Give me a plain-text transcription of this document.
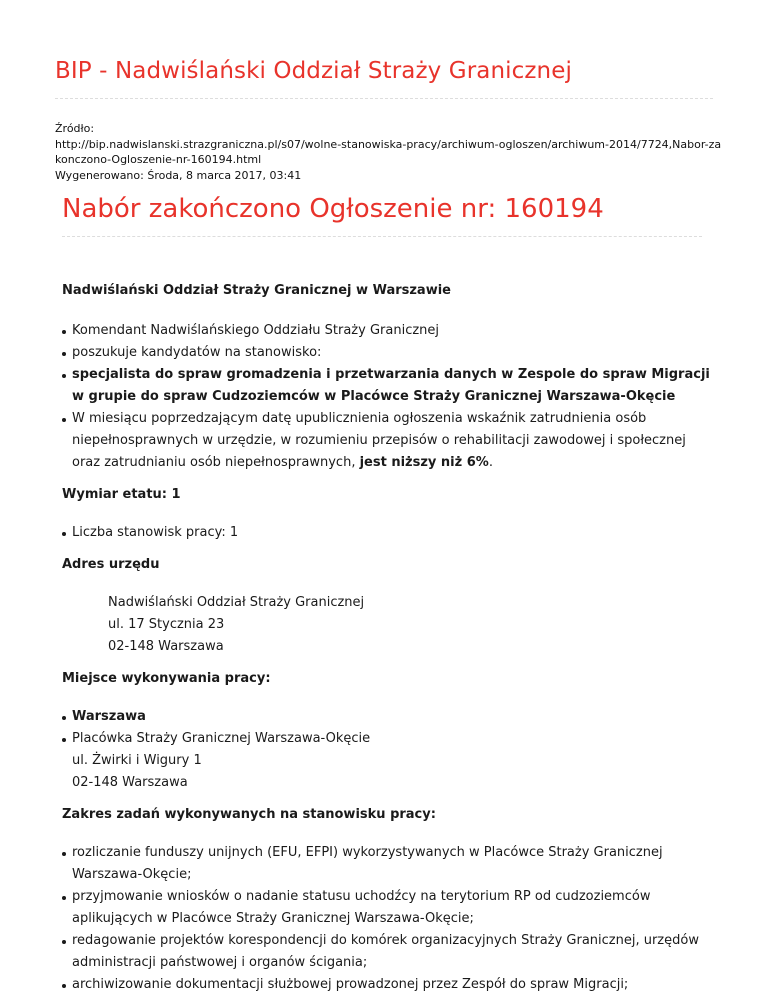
BIP - Nadwiślański Oddział Straży Granicznej
Źródło:
http://bip.nadwislanski.strazgraniczna.pl/s07/wolne-stanowiska-pracy/archiwum-ogloszen/archiwum-2014/7724,Nabor-zakonczono-Ogloszenie-nr-160194.html
Wygenerowano: Środa, 8 marca 2017, 03:41
Nabór zakończono Ogłoszenie nr: 160194

Nadwiślański Oddział Straży Granicznej w Warszawie

Komendant Nadwiślańskiego Oddziału Straży Granicznej
poszukuje kandydatów na stanowisko:
specjalista do spraw gromadzenia i przetwarzania danych w Zespole do spraw Migracji w grupie do spraw Cudzoziemców w Placówce Straży Granicznej Warszawa-Okęcie
W miesiącu poprzedzającym datę upublicznienia ogłoszenia wskaźnik zatrudnienia osób niepełnosprawnych w urzędzie, w rozumieniu przepisów o rehabilitacji zawodowej i społecznej oraz zatrudnianiu osób niepełnosprawnych, jest niższy niż 6%.

Wymiar etatu: 1

Liczba stanowisk pracy: 1

Adres urzędu

Nadwiślański Oddział Straży Granicznej
ul. 17 Stycznia 23
02-148 Warszawa

Miejsce wykonywania pracy:

Warszawa
Placówka Straży Granicznej Warszawa-Okęcie
ul. Żwirki i Wigury 1
02-148 Warszawa

Zakres zadań wykonywanych na stanowisku pracy:

rozliczanie funduszy unijnych (EFU, EFPI) wykorzystywanych w Placówce Straży Granicznej Warszawa-Okęcie;
przyjmowanie wniosków o nadanie statusu uchodźcy na terytorium RP od cudzoziemców aplikujących w Placówce Straży Granicznej Warszawa-Okęcie;
redagowanie projektów korespondencji do komórek organizacyjnych Straży Granicznej, urzędów administracji państwowej i organów ścigania;
archiwizowanie dokumentacji służbowej prowadzonej przez Zespół do spraw Migracji;
